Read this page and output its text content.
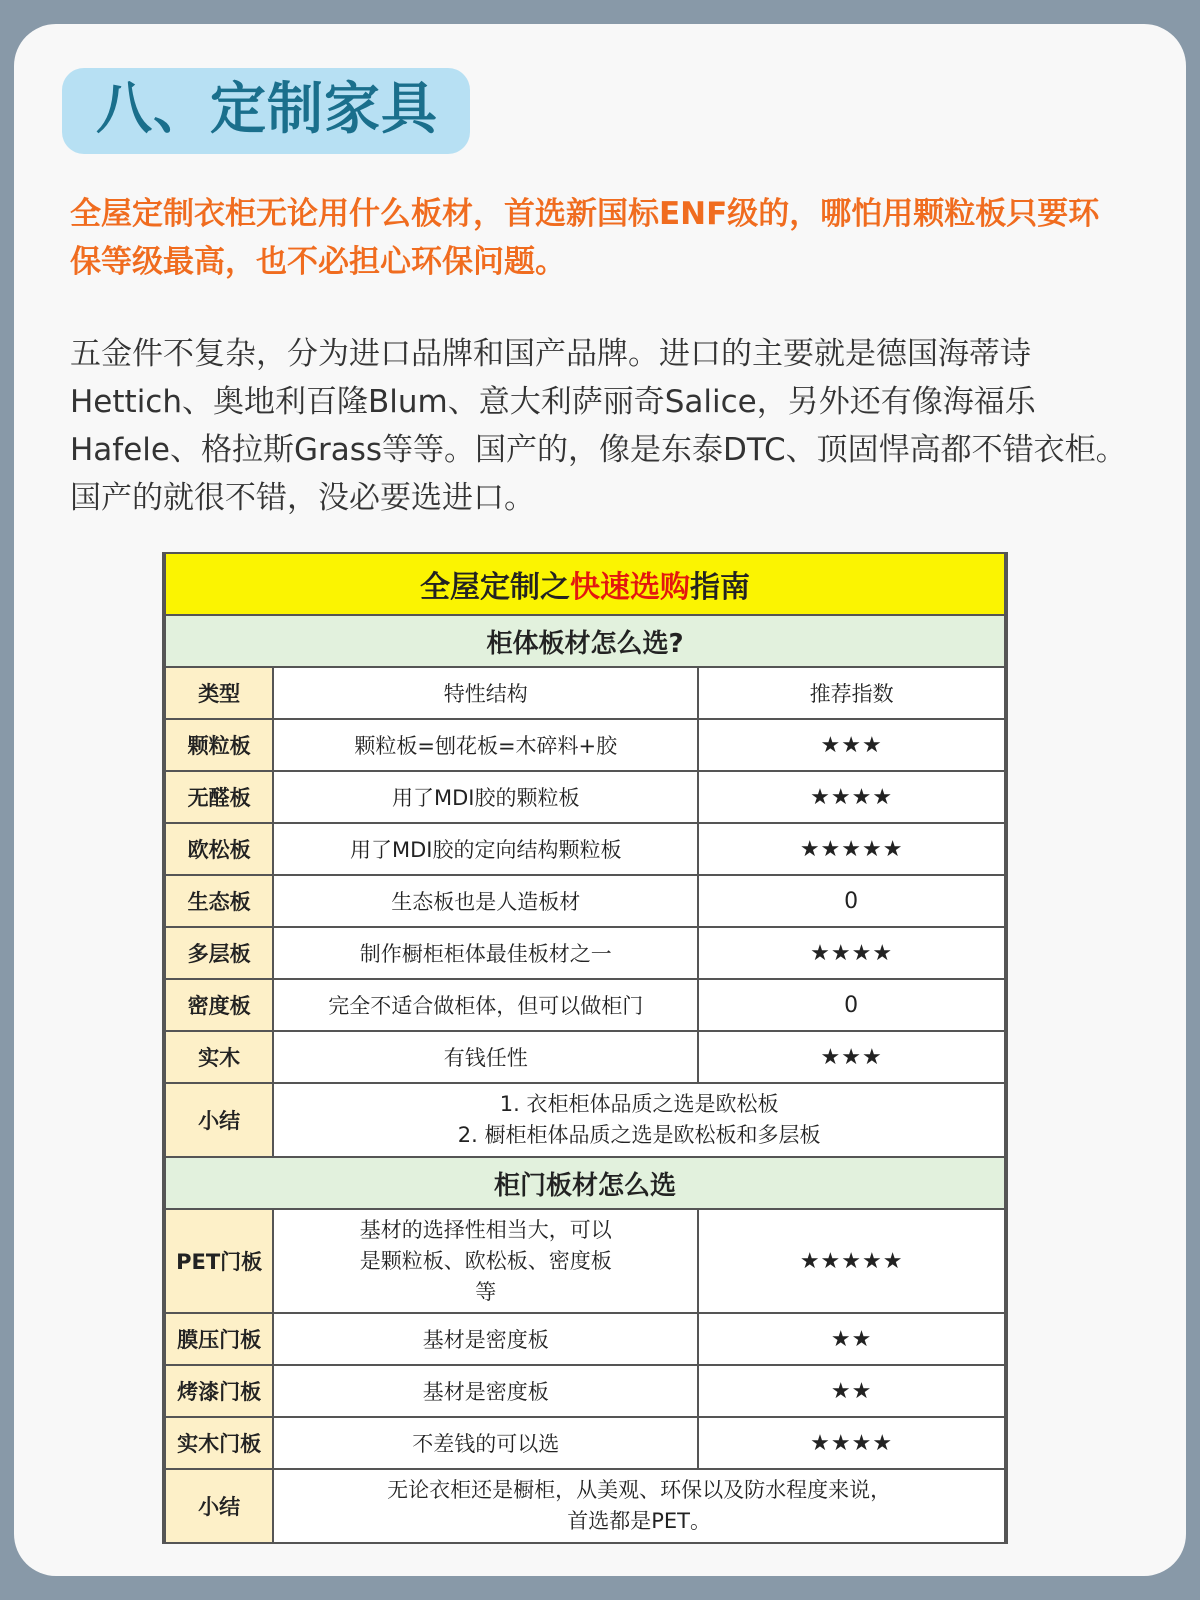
八、定制家具

全屋定制衣柜无论用什么板材，首选新国标ENF级的，哪怕用颗粒板只要环保等级最高，也不必担心环保问题。

五金件不复杂，分为进口品牌和国产品牌。进口的主要就是德国海蒂诗Hettich、奥地利百隆Blum、意大利萨丽奇Salice，另外还有像海福乐Hafele、格拉斯Grass等等。国产的，像是东泰DTC、顶固悍高都不错衣柜。国产的就很不错，没必要选进口。

全屋定制之快速选购指南		
柜体板材怎么选?		
类型	特性结构	推荐指数
颗粒板	颗粒板=刨花板=木碎料+胶	★★★
无醛板	用了MDI胶的颗粒板	★★★★
欧松板	用了MDI胶的定向结构颗粒板	★★★★★
生态板	生态板也是人造板材	0
多层板	制作橱柜柜体最佳板材之一	★★★★
密度板	完全不适合做柜体，但可以做柜门	0
实木	有钱任性	★★★
小结	1. 衣柜柜体品质之选是欧松板
2. 橱柜柜体品质之选是欧松板和多层板	

柜门板材怎么选		
PET门板	基材的选择性相当大，可以
是颗粒板、欧松板、密度板
等	★★★★★
膜压门板	基材是密度板	★★
烤漆门板	基材是密度板	★★
实木门板	不差钱的可以选	★★★★
小结	无论衣柜还是橱柜，从美观、环保以及防水程度来说，
首选都是PET。	
